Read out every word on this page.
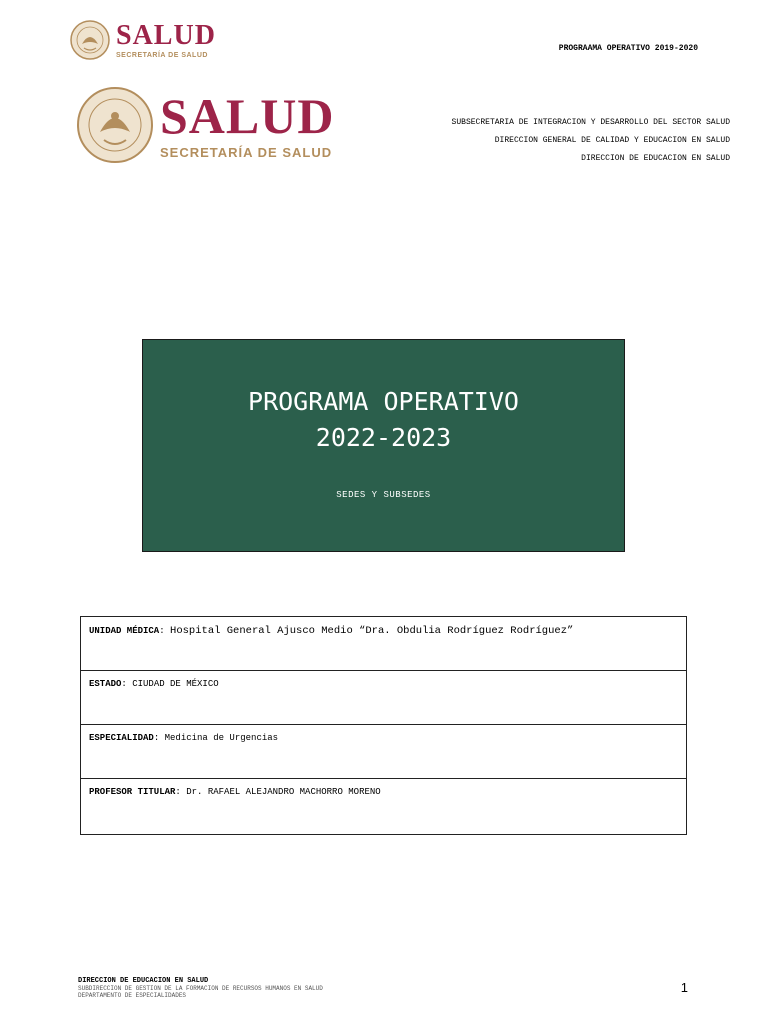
SALUD
SECRETARÍA DE SALUD
SALUD
SECRETARÍA DE SALUD
PROGRAAMA OPERATIVO 2019-2020
SUBSECRETARIA DE INTEGRACION Y DESARROLLO DEL SECTOR SALUD
DIRECCION GENERAL DE CALIDAD Y EDUCACION EN SALUD
DIRECCION DE EDUCACION EN SALUD
PROGRAMA OPERATIVO
2022-2023
SEDES Y SUBSEDES
UNIDAD MÉDICA: Hospital General Ajusco Medio “Dra. Obdulia Rodríguez Rodríguez”
ESTADO: CIUDAD DE MÉXICO
ESPECIALIDAD: Medicina de Urgencias
PROFESOR TITULAR: Dr. RAFAEL ALEJANDRO MACHORRO MORENO
DIRECCION DE EDUCACION EN SALUD
SUBDIRECCION DE GESTION DE LA FORMACION DE RECURSOS HUMANOS EN SALUD
DEPARTAMENTO DE ESPECIALIDADES
1
